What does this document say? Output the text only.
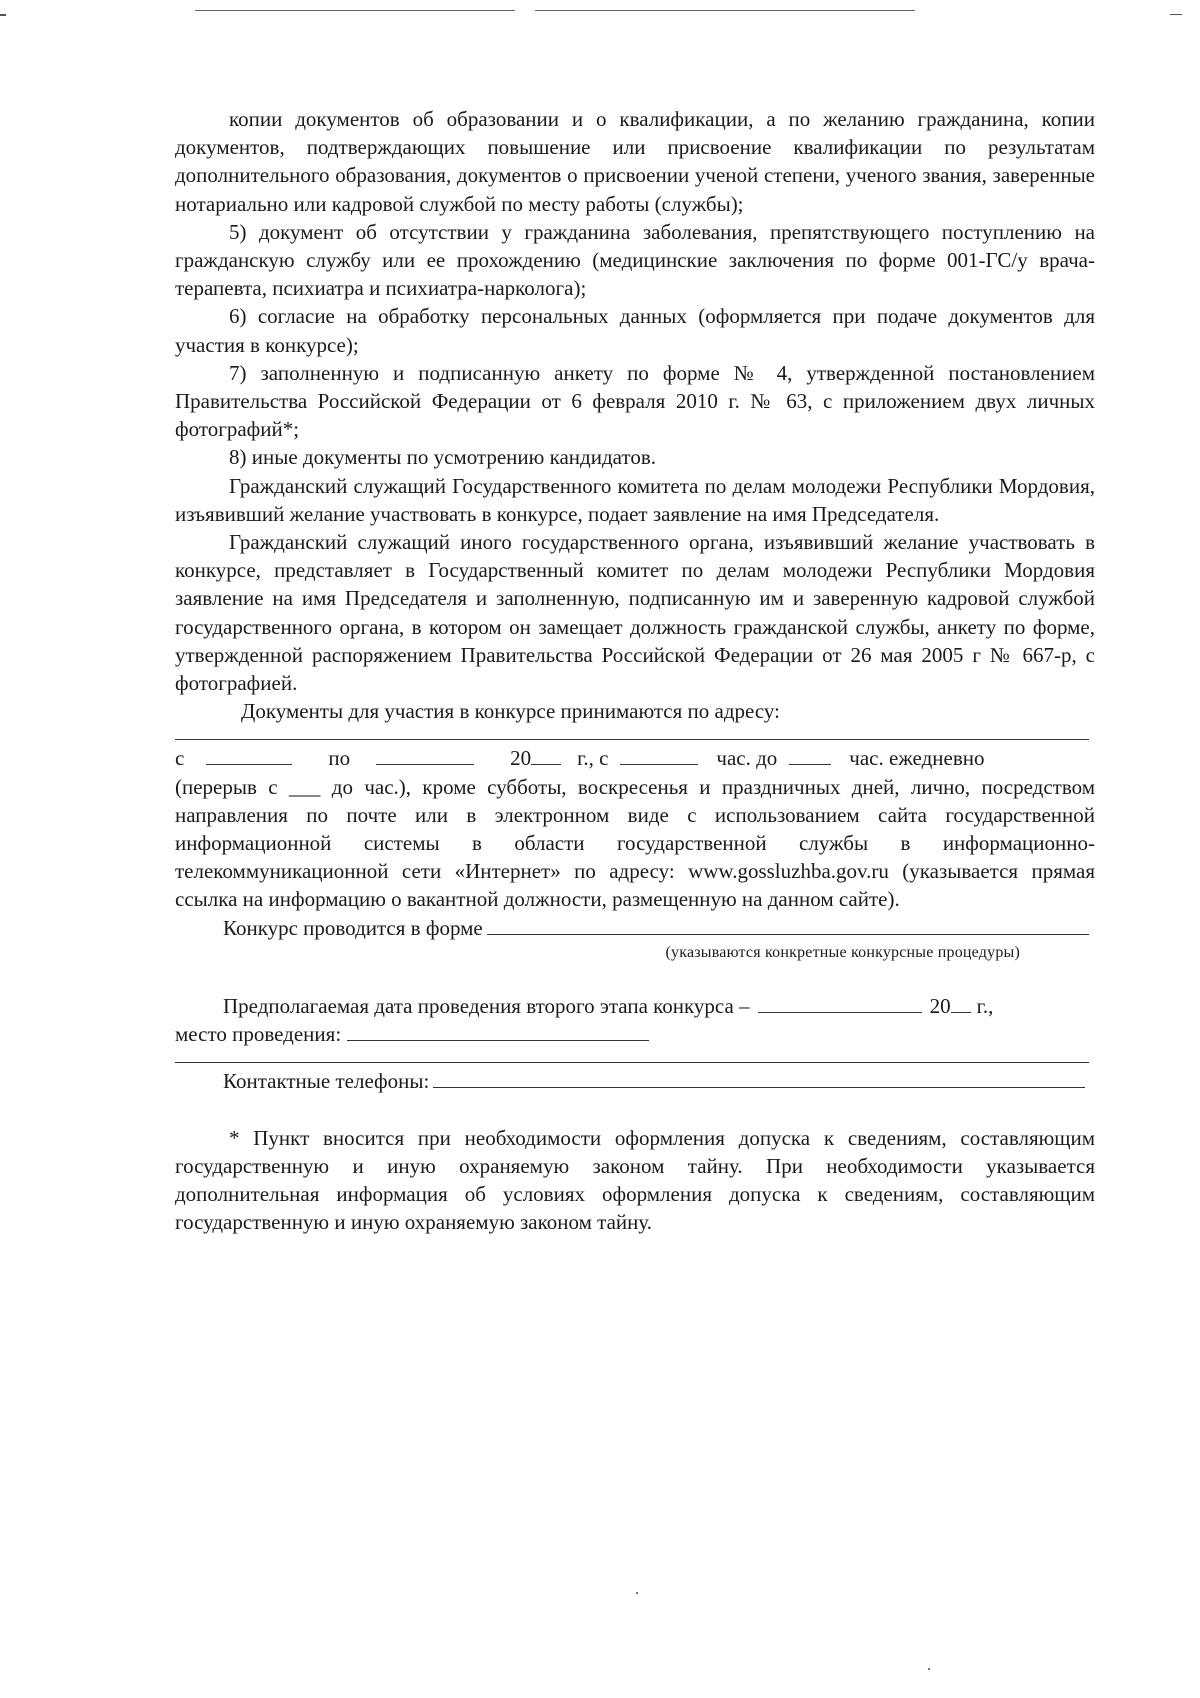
копии документов об образовании и о квалификации, а по желанию гражданина, копии документов, подтверждающих повышение или присвоение квалификации по результатам дополнительного образования, документов о присвоении ученой степени, ученого звания, заверенные нотариально или кадровой службой по месту работы (службы);

5) документ об отсутствии у гражданина заболевания, препятствующего поступлению на гражданскую службу или ее прохождению (медицинские заключения по форме 001-ГС/у врача-терапевта, психиатра и психиатра-нарколога);

6) согласие на обработку персональных данных (оформляется при подаче документов для участия в конкурсе);

7) заполненную и подписанную анкету по форме № 4, утвержденной постановлением Правительства Российской Федерации от 6 февраля 2010 г. № 63, с приложением двух личных фотографий*;

8) иные документы по усмотрению кандидатов.

Гражданский служащий Государственного комитета по делам молодежи Республики Мордовия, изъявивший желание участвовать в конкурсе, подает заявление на имя Председателя.

Гражданский служащий иного государственного органа, изъявивший желание участвовать в конкурсе, представляет в Государственный комитет по делам молодежи Республики Мордовия заявление на имя Председателя и заполненную, подписанную им и заверенную кадровой службой государственного органа, в котором он замещает должность гражданской службы, анкету по форме, утвержденной распоряжением Правительства Российской Федерации от 26 мая 2005 г № 667-р, с фотографией.

Документы для участия в конкурсе принимаются по адресу:

с	по	20 г., с	час. до	час. ежедневно

(перерыв с ___ до час.), кроме субботы, воскресенья и праздничных дней, лично, посредством направления по почте или в электронном виде с использованием сайта государственной информационной системы в области государственной службы в информационно-телекоммуникационной сети «Интернет» по адресу: www.gossluzhba.gov.ru (указывается прямая ссылка на информацию о вакантной должности, размещенную на данном сайте).

Конкурс проводится в форме
(указываются конкретные конкурсные процедуры)
Предполагаемая дата проведения второго этапа конкурса –	20 г.,
место проведения:
Контактные телефоны:

* Пункт вносится при необходимости оформления допуска к сведениям, составляющим государственную и иную охраняемую законом тайну. При необходимости указывается дополнительная информация об условиях оформления допуска к сведениям, составляющим государственную и иную охраняемую законом тайну.
